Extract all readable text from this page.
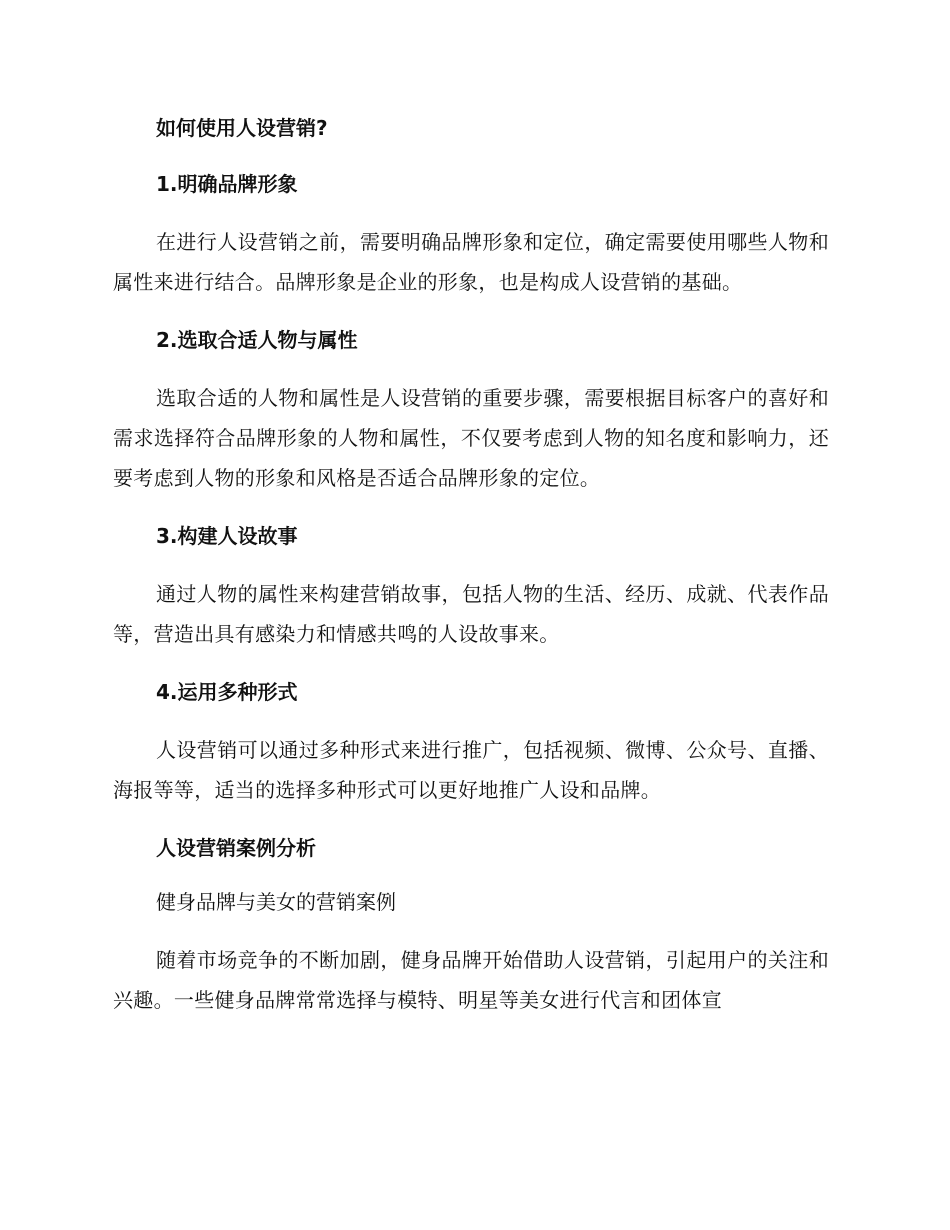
如何使用人设营销?
1.明确品牌形象

在进行人设营销之前，需要明确品牌形象和定位，确定需要使用哪些人物和属性来进行结合。品牌形象是企业的形象，也是构成人设营销的基础。

2.选取合适人物与属性

选取合适的人物和属性是人设营销的重要步骤，需要根据目标客户的喜好和需求选择符合品牌形象的人物和属性，不仅要考虑到人物的知名度和影响力，还要考虑到人物的形象和风格是否适合品牌形象的定位。

3.构建人设故事

通过人物的属性来构建营销故事，包括人物的生活、经历、成就、代表作品等，营造出具有感染力和情感共鸣的人设故事来。

4.运用多种形式

人设营销可以通过多种形式来进行推广，包括视频、微博、公众号、直播、海报等等，适当的选择多种形式可以更好地推广人设和品牌。

人设营销案例分析

健身品牌与美女的营销案例

随着市场竞争的不断加剧，健身品牌开始借助人设营销，引起用户的关注和兴趣。一些健身品牌常常选择与模特、明星等美女进行代言和团体宣
